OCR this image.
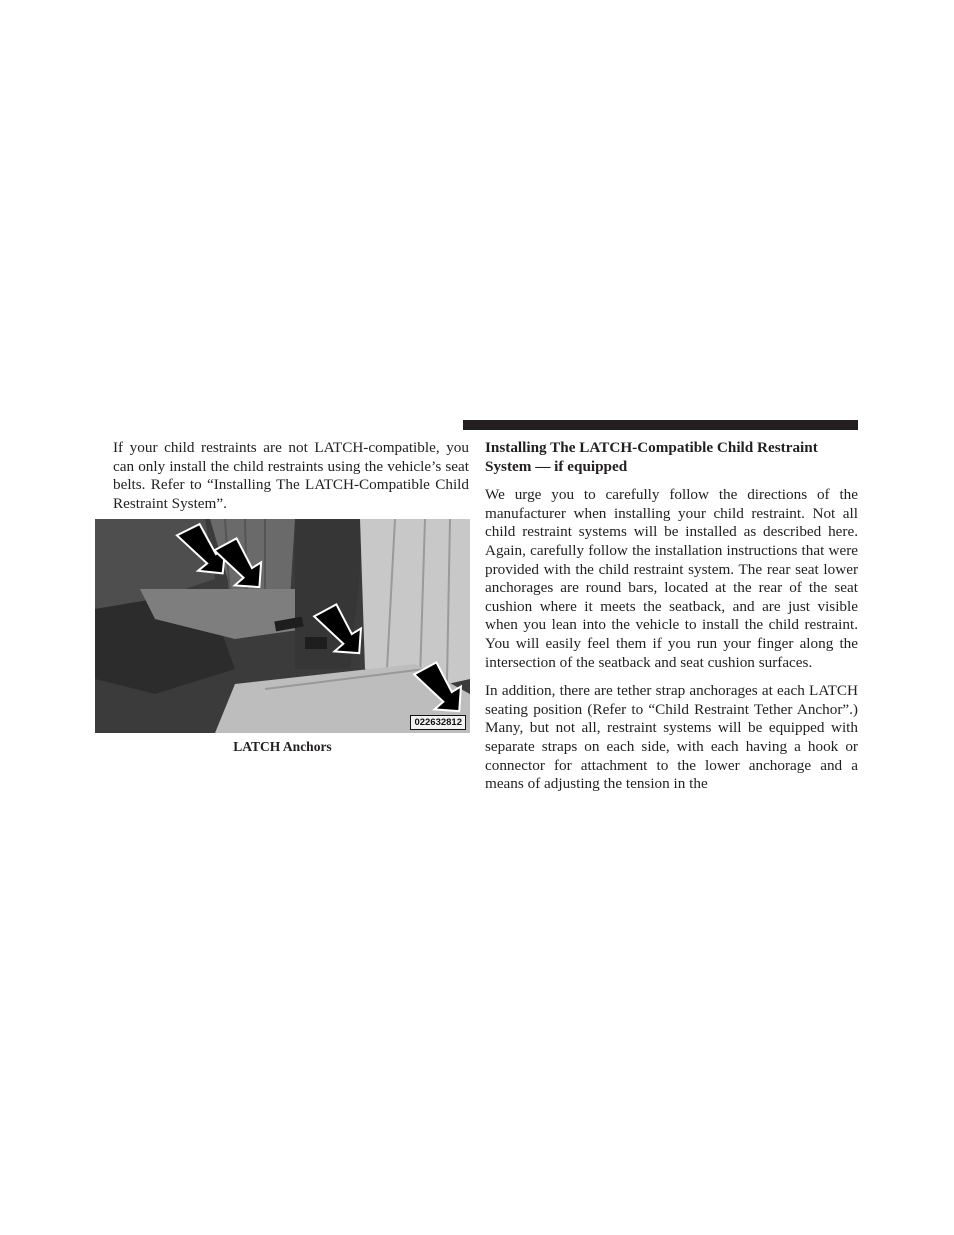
If your child restraints are not LATCH-compatible, you can only install the child restraints using the vehicle’s seat belts. Refer to “Installing The LATCH-Compatible Child Restraint System”.

022632812
LATCH Anchors

Installing The LATCH-Compatible Child Restraint System — if equipped

We urge you to carefully follow the directions of the manufacturer when installing your child restraint. Not all child restraint systems will be installed as described here. Again, carefully follow the installation instructions that were provided with the child restraint system. The rear seat lower anchorages are round bars, located at the rear of the seat cushion where it meets the seatback, and are just visible when you lean into the vehicle to install the child restraint. You will easily feel them if you run your finger along the intersection of the seatback and seat cushion surfaces.

In addition, there are tether strap anchorages at each LATCH seating position (Refer to “Child Restraint Tether Anchor”.) Many, but not all, restraint systems will be equipped with separate straps on each side, with each having a hook or connector for attachment to the lower anchorage and a means of adjusting the tension in the
